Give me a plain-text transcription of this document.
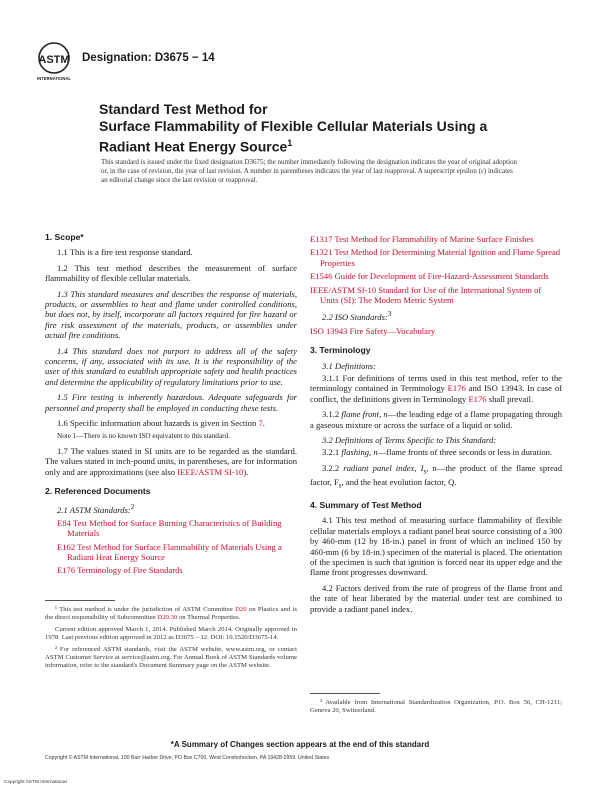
ASTM
INTERNATIONAL
Designation: D3675 − 14
Standard Test Method for
Surface Flammability of Flexible Cellular Materials Using a
Radiant Heat Energy Source$^1$
This standard is issued under the fixed designation D3675; the number immediately following the designation indicates the year of original adoption or, in the case of revision, the year of last revision. A number in parentheses indicates the year of last reapproval. A superscript epsilon (ε) indicates an editorial change since the last revision or reapproval.
1. Scope*

1.1 This is a fire test response standard.

1.2 This test method describes the measurement of surface flammability of flexible cellular materials.

1.3 This standard measures and describes the response of materials, products, or assemblies to heat and flame under controlled conditions, but does not, by itself, incorporate all factors required for fire hazard or fire risk assessment of the materials, products, or assemblies under actual fire conditions.

1.4 This standard does not purport to address all of the safety concerns, if any, associated with its use. It is the responsibility of the user of this standard to establish appropriate safety and health practices and determine the applicability of regulatory limitations prior to use.

1.5 Fire testing is inherently hazardous. Adequate safeguards for personnel and property shall be employed in conducting these tests.

1.6 Specific information about hazards is given in Section 7.

Note 1—There is no known ISO equivalent to this standard.

1.7 The values stated in SI units are to be regarded as the standard. The values stated in inch-pound units, in parentheses, are for information only and are approximations (see also IEEE/ASTM SI-10).

2. Referenced Documents

2.1 ASTM Standards:$^2$

E84 Test Method for Surface Burning Characteristics of Building Materials
E162 Test Method for Surface Flammability of Materials Using a Radiant Heat Energy Source
E176 Terminology of Fire Standards

¹ This test method is under the jurisdiction of ASTM Committee D20 on Plastics and is the direct responsibility of Subcommittee D20.30 on Thermal Properties.

Current edition approved March 1, 2014. Published March 2014. Originally approved in 1978. Last previous edition approved in 2012 as D3675 – 12. DOI: 10.1520/D3675-14.

² For referenced ASTM standards, visit the ASTM website, www.astm.org, or contact ASTM Customer Service at service@astm.org. For Annual Book of ASTM Standards volume information, refer to the standard's Document Summary page on the ASTM website.

E1317 Test Method for Flammability of Marine Surface Finishes
E1321 Test Method for Determining Material Ignition and Flame Spread Properties
E1546 Guide for Development of Fire-Hazard-Assessment Standards
IEEE/ASTM SI-10 Standard for Use of the International System of Units (SI): The Modern Metric System

2.2 ISO Standards:$^3$

ISO 13943 Fire Safety—Vocabulary
3. Terminology

3.1 Definitions:

3.1.1 For definitions of terms used in this test method, refer to the terminology contained in Terminology E176 and ISO 13943. In case of conflict, the definitions given in Terminology E176 shall prevail.

3.1.2 flame front, n—the leading edge of a flame propagating through a gaseous mixture or across the surface of a liquid or solid.

3.2 Definitions of Terms Specific to This Standard:

3.2.1 flashing, n—flame fronts of three seconds or less in duration.

3.2.2 radiant panel index, $I_s$, n—the product of the flame spread factor, $F_s$, and the heat evolution factor, Q.

4. Summary of Test Method

4.1 This test method of measuring surface flammability of flexible cellular materials employs a radiant panel heat source consisting of a 300 by 460-mm (12 by 18-in.) panel in front of which an inclined 150 by 460-mm (6 by 18-in.) specimen of the material is placed. The orientation of the specimen is such that ignition is forced near its upper edge and the flame front progresses downward.

4.2 Factors derived from the rate of progress of the flame front and the rate of heat liberated by the material under test are combined to provide a radiant panel index.

³ Available from International Standardization Organization, P.O. Box 56, CH-1211; Geneva 20, Switzerland.

*A Summary of Changes section appears at the end of this standard
Copyright © ASTM International, 100 Barr Harbor Drive, PO Box C700, West Conshohocken, PA 19428-2959. United States
Copyright ASTM International
